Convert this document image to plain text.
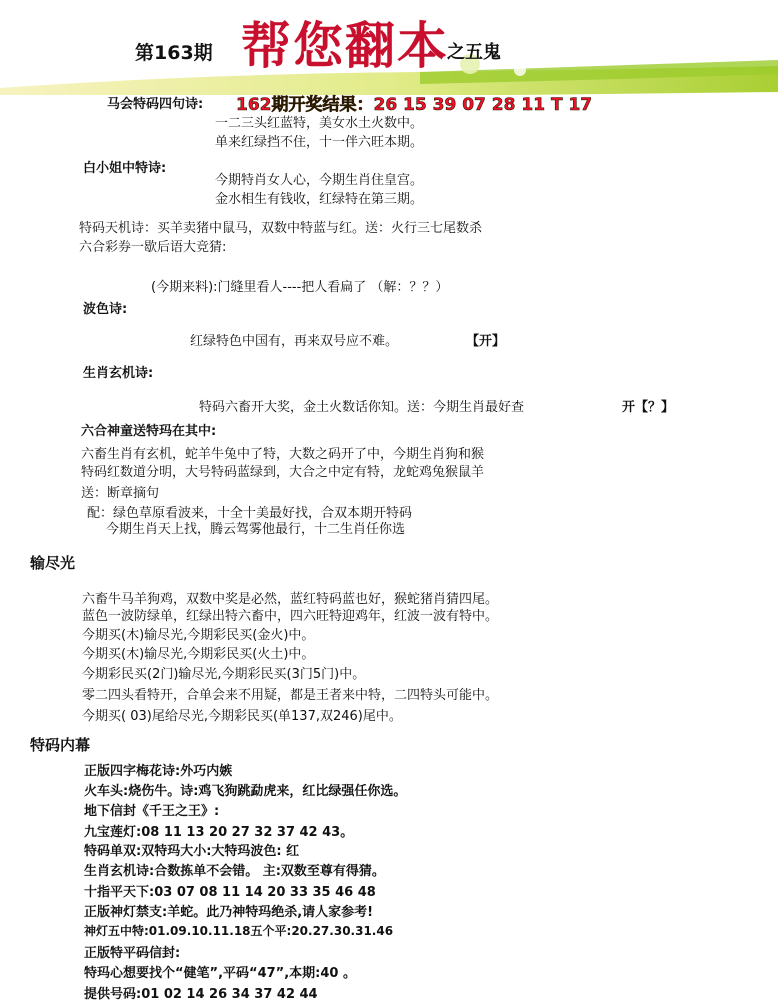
第163期 帮您翻本
之五鬼
马会特码四句诗: 162期开奖结果：26 15 39 07 28 11 T 17
一二三头红蓝特，美女水土火数中。
单来红绿挡不住，十一伴六旺本期。
白小姐中特诗:
今期特肖女人心，今期生肖住皇宫。
金水相生有钱收，红绿特在第三期。
特码天机诗：买羊卖猪中鼠马，双数中特蓝与红。送：火行三七尾数杀
六合彩券一歇后语大竞猜:
(今期来料):门缝里看人----把人看扁了 （解：？？）
波色诗:
红绿特色中国有，再来双号应不难。	【开】
生肖玄机诗:
特码六畜开大奖，金土火数话你知。送：今期生肖最好查	开【？】
六合神童送特玛在其中:
六畜生肖有玄机，蛇羊牛兔中了特，大数之码开了中，今期生肖狗和猴
特码红数道分明，大号特码蓝绿到，大合之中定有特，龙蛇鸡兔猴鼠羊
送：断章摘句
配：绿色草原看波来，十全十美最好找，合双本期开特码
今期生肖天上找，腾云驾雾他最行，十二生肖任你选
输尽光
六畜牛马羊狗鸡，双数中奖是必然，蓝红特码蓝也好，猴蛇猪肖猜四尾。
蓝色一波防绿单，红绿出特六畜中，四六旺特迎鸡年，红波一波有特中。
今期买(木)输尽光,今期彩民买(金火)中。
今期买(木)输尽光,今期彩民买(火土)中。
今期彩民买(2门)输尽光,今期彩民买(3门5门)中。
零二四头看特开，合单会来不用疑，都是王者来中特，二四特头可能中。
今期买( 03)尾给尽光,今期彩民买(单137,双246)尾中。
特码内幕
正版四字梅花诗:外巧内嫉
火车头:烧伤牛。诗:鸡飞狗跳勐虎来，红比绿强任你选。
地下信封《千王之王》:
九宝莲灯:08 11 13 20 27 32 37 42 43。
特码单双:双特玛大小:大特玛波色: 红
生肖玄机诗:合数拣单不会错。 主:双数至尊有得猜。
十指平天下:03 07 08 11 14 20 33 35 46 48
正版神灯禁支:羊蛇。此乃神特玛绝杀,请人家参考!
神灯五中特:01.09.10.11.18五个平:20.27.30.31.46
正版特平码信封:
特玛心想要找个“健笔”,平码“47”,本期:40 。
提供号码:01 02 14 26 34 37 42 44
